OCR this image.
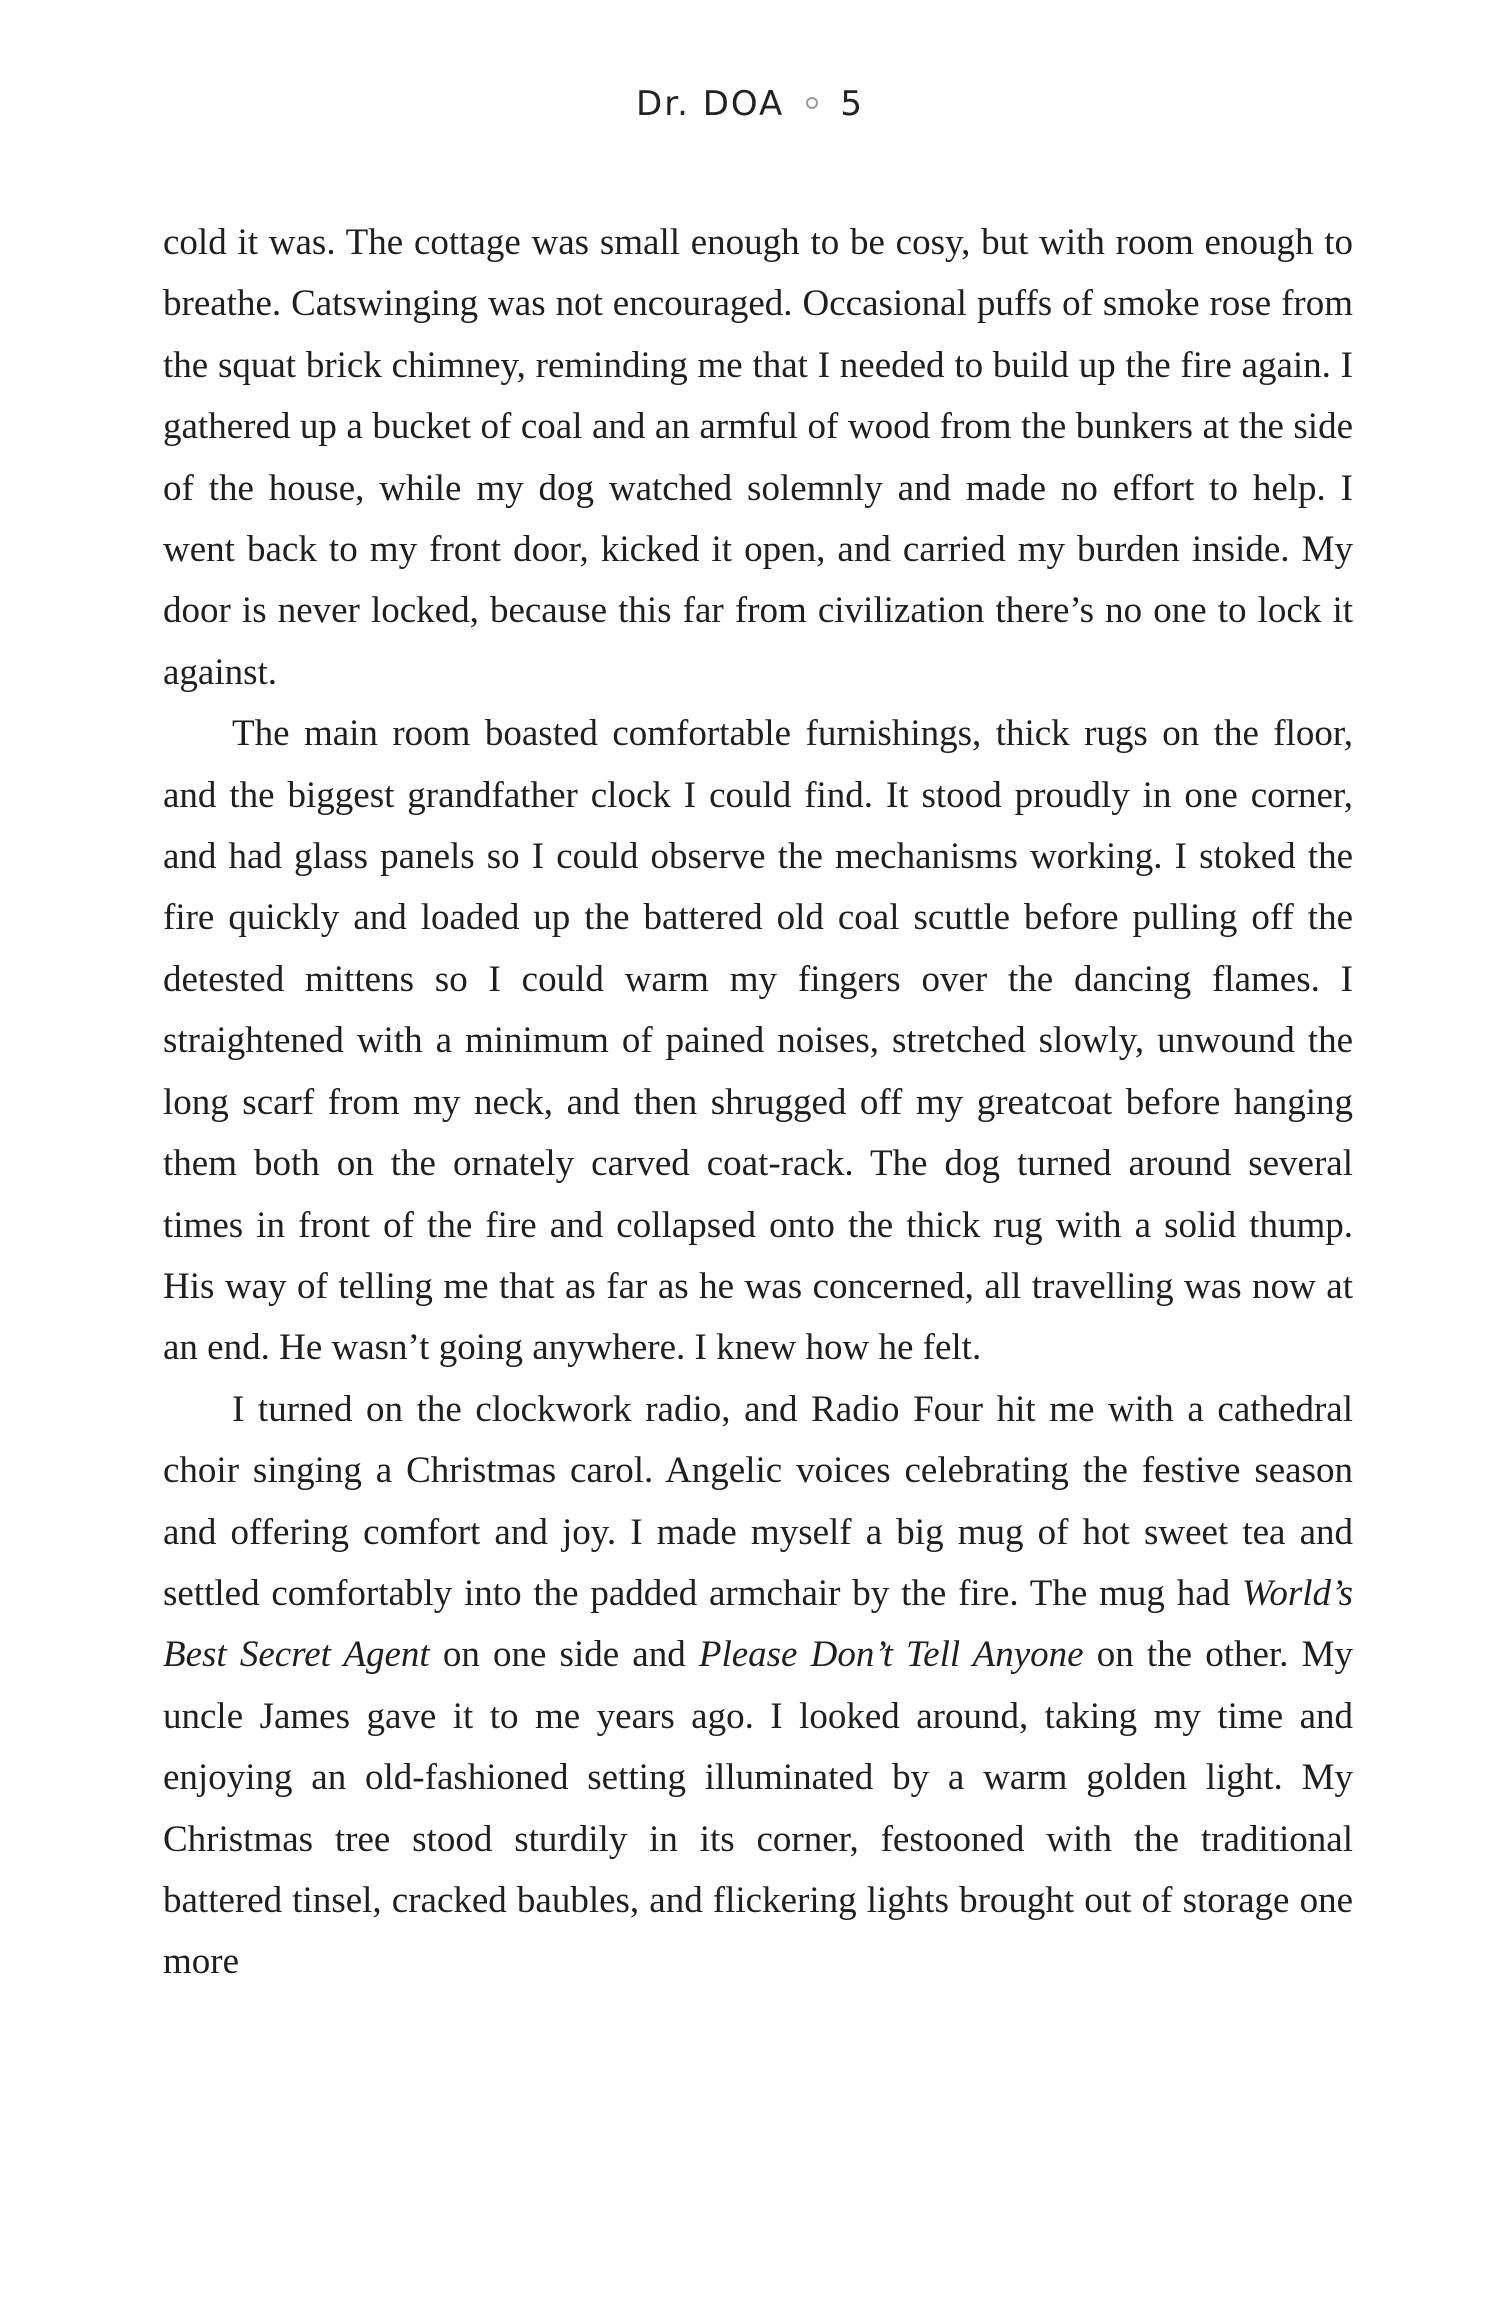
Dr. DOA 5

cold it was. The cottage was small enough to be cosy, but with room enough to breathe. Catswinging was not encouraged. Occasional puffs of smoke rose from the squat brick chimney, reminding me that I needed to build up the fire again. I gathered up a bucket of coal and an armful of wood from the bunkers at the side of the house, while my dog watched solemnly and made no effort to help. I went back to my front door, kicked it open, and carried my burden inside. My door is never locked, because this far from civilization there’s no one to lock it against.

The main room boasted comfortable furnishings, thick rugs on the floor, and the biggest grandfather clock I could find. It stood proudly in one corner, and had glass panels so I could observe the mechanisms working. I stoked the fire quickly and loaded up the battered old coal scuttle before pulling off the detested mittens so I could warm my fingers over the dancing flames. I straightened with a minimum of pained noises, stretched slowly, unwound the long scarf from my neck, and then shrugged off my greatcoat before hanging them both on the ornately carved coat-rack. The dog turned around several times in front of the fire and collapsed onto the thick rug with a solid thump. His way of telling me that as far as he was concerned, all travelling was now at an end. He wasn’t going anywhere. I knew how he felt.

I turned on the clockwork radio, and Radio Four hit me with a cathedral choir singing a Christmas carol. Angelic voices celebrating the festive season and offering comfort and joy. I made myself a big mug of hot sweet tea and settled comfortably into the padded armchair by the fire. The mug had World’s Best Secret Agent on one side and Please Don’t Tell Anyone on the other. My uncle James gave it to me years ago. I looked around, taking my time and enjoying an old-fashioned setting illuminated by a warm golden light. My Christmas tree stood sturdily in its corner, festooned with the traditional battered tinsel, cracked baubles, and flickering lights brought out of storage one more
